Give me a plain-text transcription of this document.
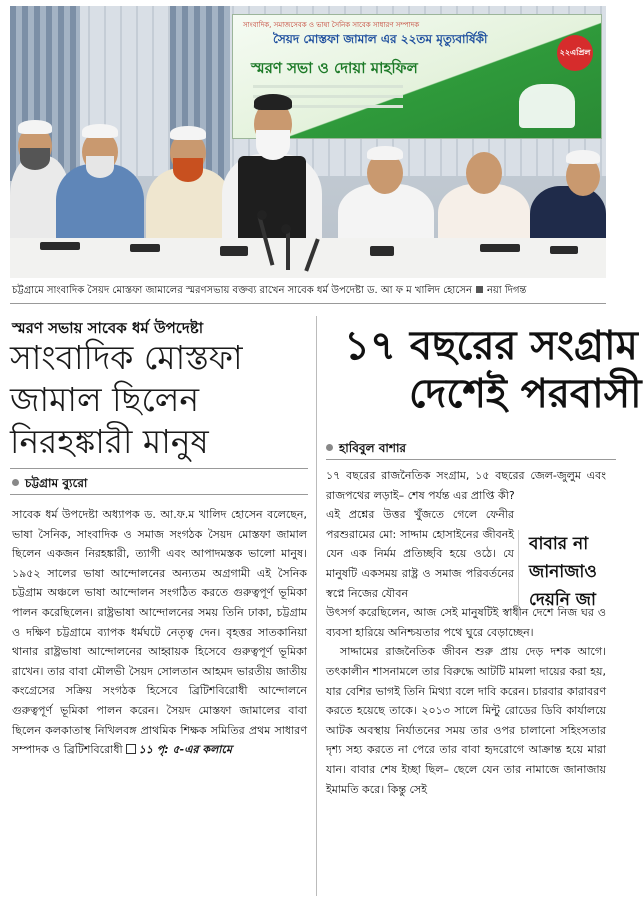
সাংবাদিক, সমাজসেবক ও ভাষা সৈনিক সাবেক সাধারণ সম্পাদক
সৈয়দ মোস্তফা জামাল এর ২২তম মৃত্যুবার্ষিকী
স্মরণ সভা ও দোয়া মাহফিল
২২এপ্রিল
চট্টগ্রামে সাংবাদিক সৈয়দ মোস্তফা জামালের স্মরণসভায় বক্তব্য রাখেন সাবেক ধর্ম উপদেষ্টা ড. আ ফ ম খালিদ হোসেন নয়া দিগন্ত
স্মরণ সভায় সাবেক ধর্ম উপদেষ্টা
সাংবাদিক মোস্তফা
জামাল ছিলেন
নিরহঙ্কারী মানুষ
চট্টগ্রাম ব্যুরো
সাবেক ধর্ম উপদেষ্টা অধ্যাপক ড. আ.ফ.ম খালিদ হোসেন বলেছেন, ভাষা সৈনিক, সাংবাদিক ও সমাজ সংগঠক সৈয়দ মোস্তফা জামাল ছিলেন একজন নিরহঙ্কারী, ত্যাগী এবং আপাদমস্তক ভালো মানুষ। ১৯৫২ সালের ভাষা আন্দোলনের অন্যতম অগ্রগামী এই সৈনিক চট্টগ্রাম অঞ্চলে ভাষা আন্দোলন সংগঠিত করতে গুরুত্বপূর্ণ ভূমিকা পালন করেছিলেন। রাষ্ট্রভাষা আন্দোলনের সময় তিনি ঢাকা, চট্টগ্রাম ও দক্ষিণ চট্টগ্রামে ব্যাপক ধর্মঘটে নেতৃত্ব দেন। বৃহত্তর সাতকানিয়া থানার রাষ্ট্রভাষা আন্দোলনের আহ্বায়ক হিসেবে গুরুত্বপূর্ণ ভূমিকা রাখেন। তার বাবা মৌলভী সৈয়দ সোলতান আহমদ ভারতীয় জাতীয় কংগ্রেসের সক্রিয় সংগঠক হিসেবে ব্রিটিশবিরোধী আন্দোলনে গুরুত্বপূর্ণ ভূমিকা পালন করেন। সৈয়দ মোস্তফা জামালের বাবা ছিলেন কলকাতাস্থ নিখিলবঙ্গ প্রাথমিক শিক্ষক সমিতির প্রথম সাধারণ সম্পাদক ও ব্রিটিশবিরোধী ১১ পৃ: ৫-এর কলামে
১৭ বছরের সংগ্রাম
দেশেই পরবাসী
হাবিবুল বাশার

১৭ বছরের রাজনৈতিক সংগ্রাম, ১৫ বছরের জেল-জুলুম এবং রাজপথের লড়াই– শেষ পর্যন্ত এর প্রাপ্তি কী?

এই প্রশ্নের উত্তর খুঁজতে গেলে ফেনীর পরশুরামের মো: সাদ্দাম হোসাইনের জীবনই যেন এক নির্মম প্রতিচ্ছবি হয়ে ওঠে। যে মানুষটি একসময় রাষ্ট্র ও সমাজ পরিবর্তনের স্বপ্নে নিজের যৌবন

উৎসর্গ করেছিলেন, আজ সেই মানুষটিই স্বাধীন দেশে নিজ ঘর ও ব্যবসা হারিয়ে অনিশ্চয়তার পথে ঘুরে বেড়াচ্ছেন।

সাদ্দামের রাজনৈতিক জীবন শুরু প্রায় দেড় দশক আগে। তৎকালীন শাসনামলে তার বিরুদ্ধে আটটি মামলা দায়ের করা হয়, যার বেশির ভাগই তিনি মিথ্যা বলে দাবি করেন। চারবার কারাবরণ করতে হয়েছে তাকে। ২০১৩ সালে মিন্টু রোডের ডিবি কার্যালয়ে আটক অবস্থায় নির্যাতনের সময় তার ওপর চালানো সহিংসতার দৃশ্য সহ্য করতে না পেরে তার বাবা হৃদরোগে আক্রান্ত হয়ে মারা যান। বাবার শেষ ইচ্ছা ছিল– ছেলে যেন তার নামাজে জানাজায় ইমামতি করে। কিন্তু সেই

বাবার না
জানাজাও
দেয়নি জা
